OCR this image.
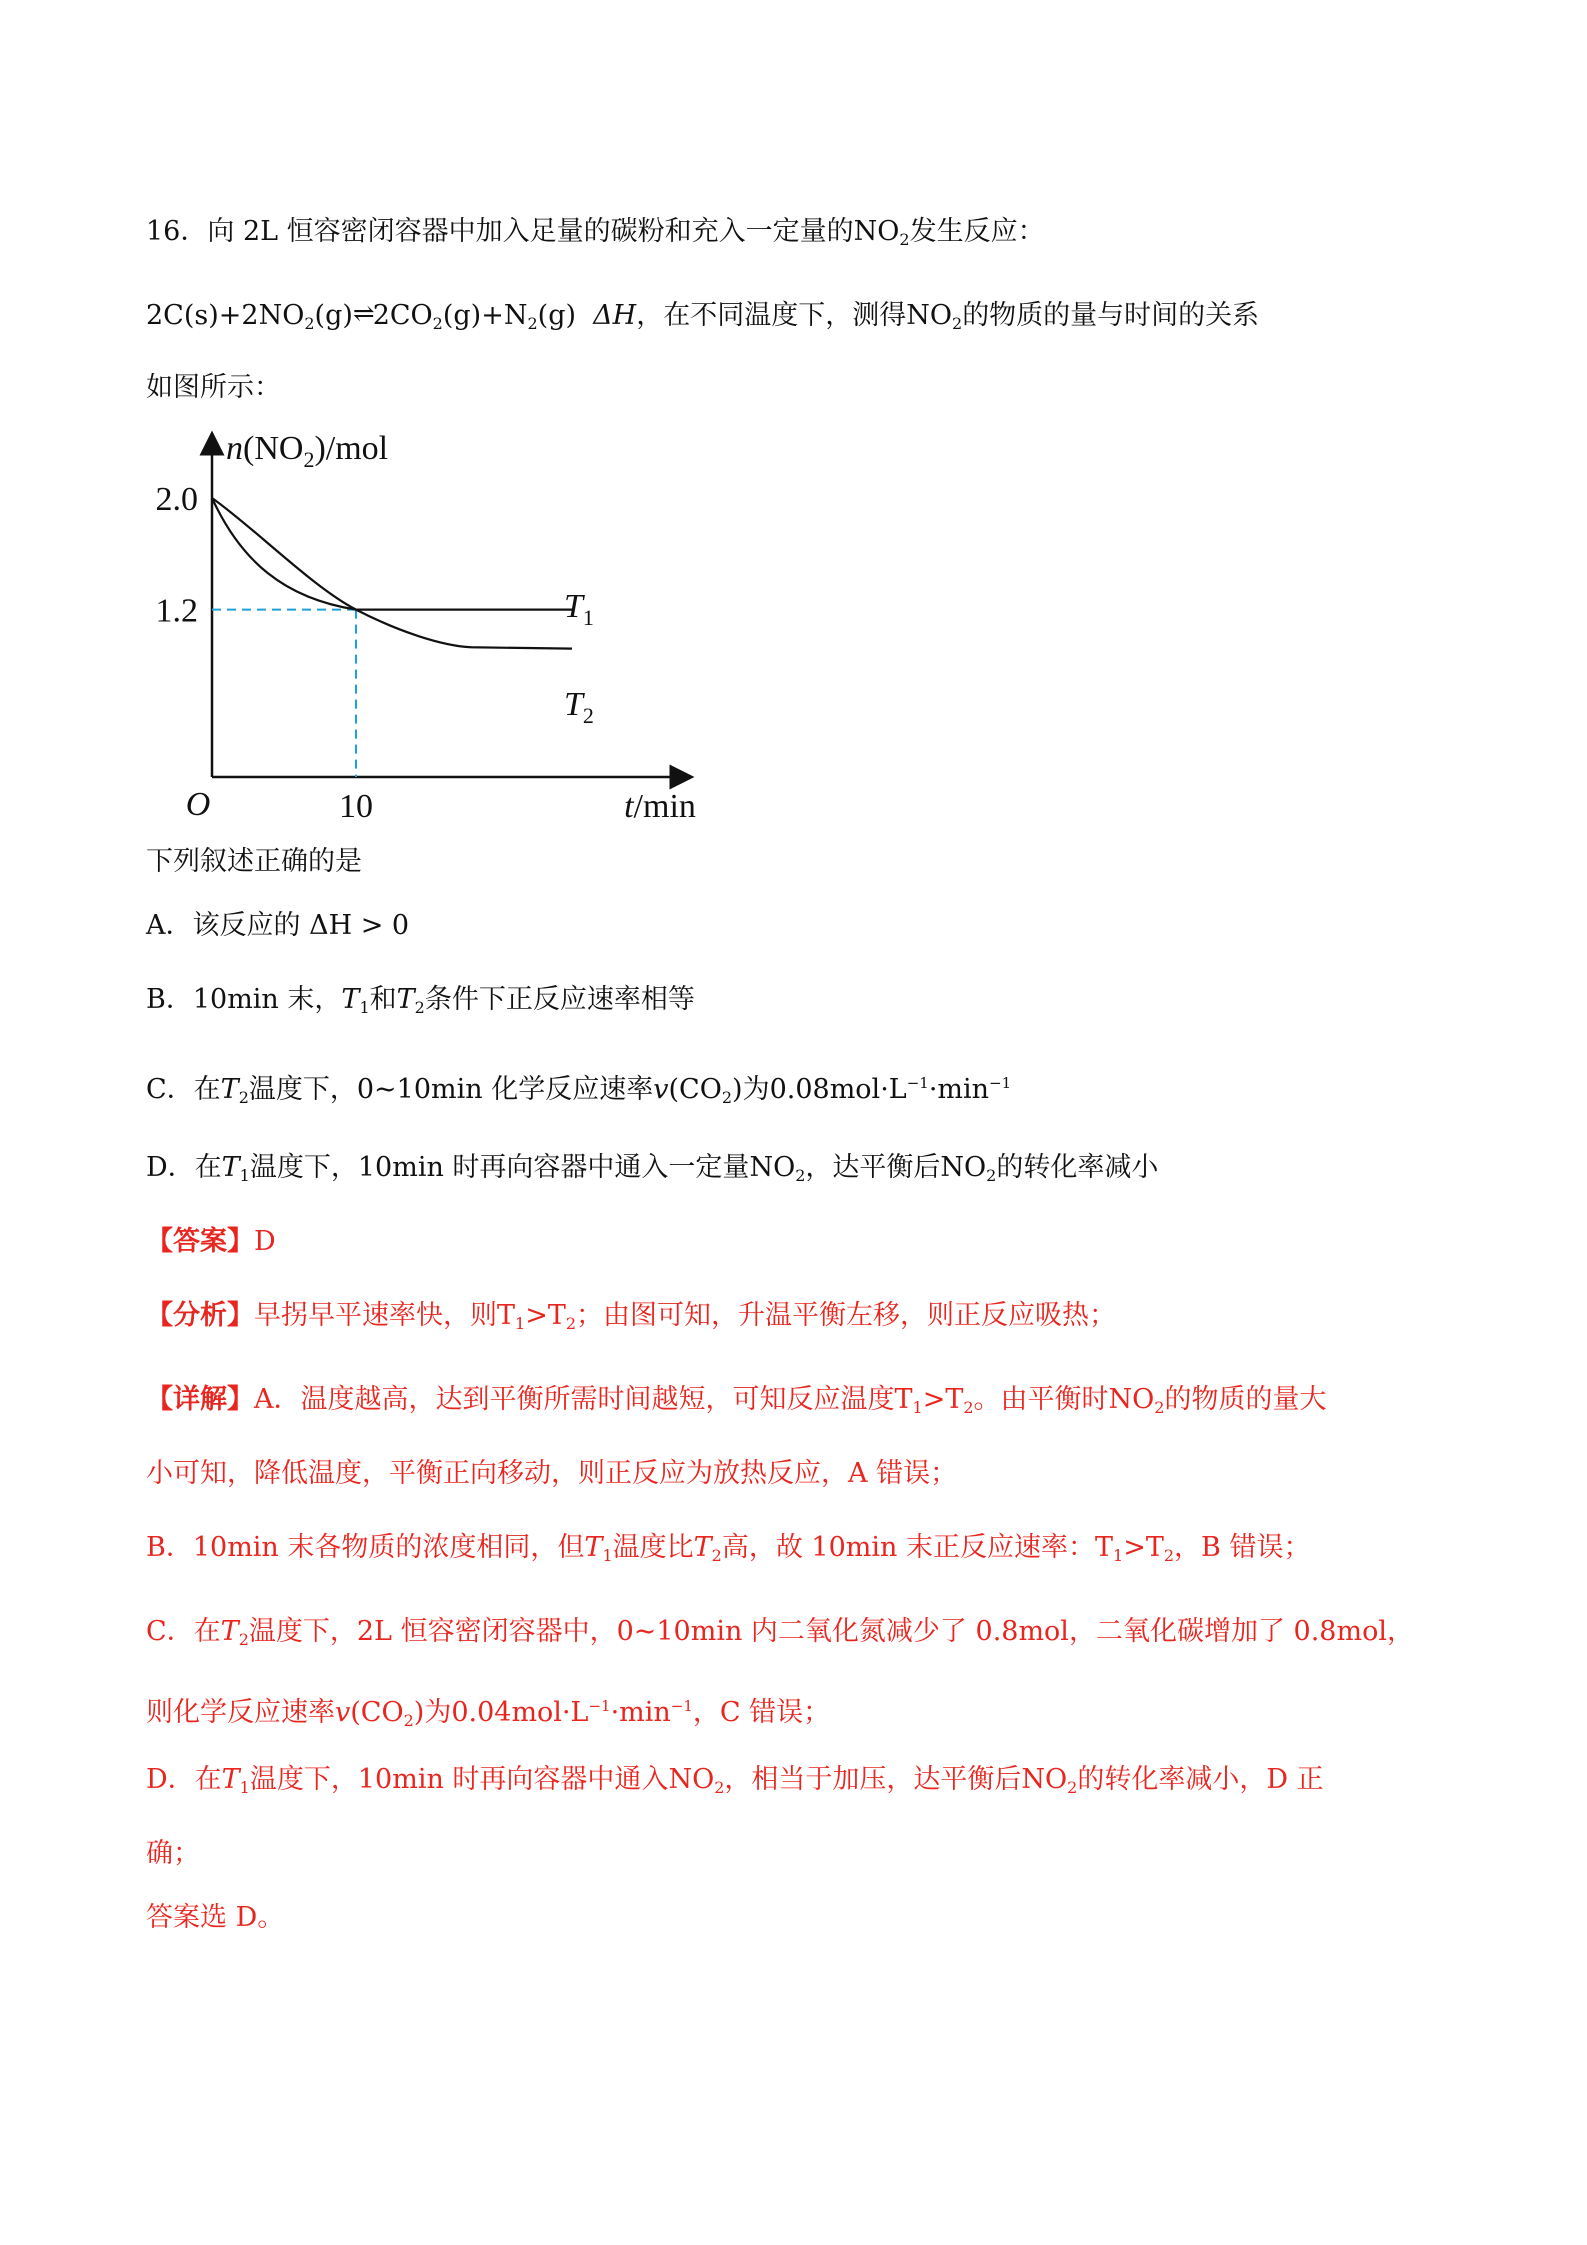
16．向 2L 恒容密闭容器中加入足量的碳粉和充入一定量的$NO_2$发生反应：
$2C(s)+2NO_2(g)\rightleftharpoons 2CO_2(g)+N_2(g)$ ΔH，在不同温度下，测得$NO_2$的物质的量与时间的关系
如图所示：
$n(NO_2)$/mol
2.0
1.2
10
O	t/min
$T_1$
$T_2$
下列叙述正确的是
A．该反应的 ΔH > 0
B．10min 末，$T_1$和$T_2$条件下正反应速率相等
C．在$T_2$温度下，0~10min 化学反应速率$v(CO_2)$为$0.08mol\cdot L^{-1}\cdot\min^{-1}$
D．在$T_1$温度下，10min 时再向容器中通入一定量$NO_2$，达平衡后$NO_2$的转化率减小
【答案】D
【分析】早拐早平速率快，则$T_1>T_2$；由图可知，升温平衡左移，则正反应吸热；
【详解】A．温度越高，达到平衡所需时间越短，可知反应温度$T_1>T_2$。由平衡时$NO_2$的物质的量大
小可知，降低温度，平衡正向移动，则正反应为放热反应，A 错误；
B．10min 末各物质的浓度相同，但$T_1$温度比$T_2$高，故 10min 末正反应速率：$T_1>T_2$，B 错误；
C．在$T_2$温度下，2L 恒容密闭容器中，0~10min 内二氧化氮减少了 0.8mol，二氧化碳增加了 0.8mol，
则化学反应速率$v(CO_2)$为$0.04mol\cdot L^{-1}\cdot\min^{-1}$，C 错误；
D．在$T_1$温度下，10min 时再向容器中通入$NO_2$，相当于加压，达平衡后$NO_2$的转化率减小，D 正
确；
答案选 D。
